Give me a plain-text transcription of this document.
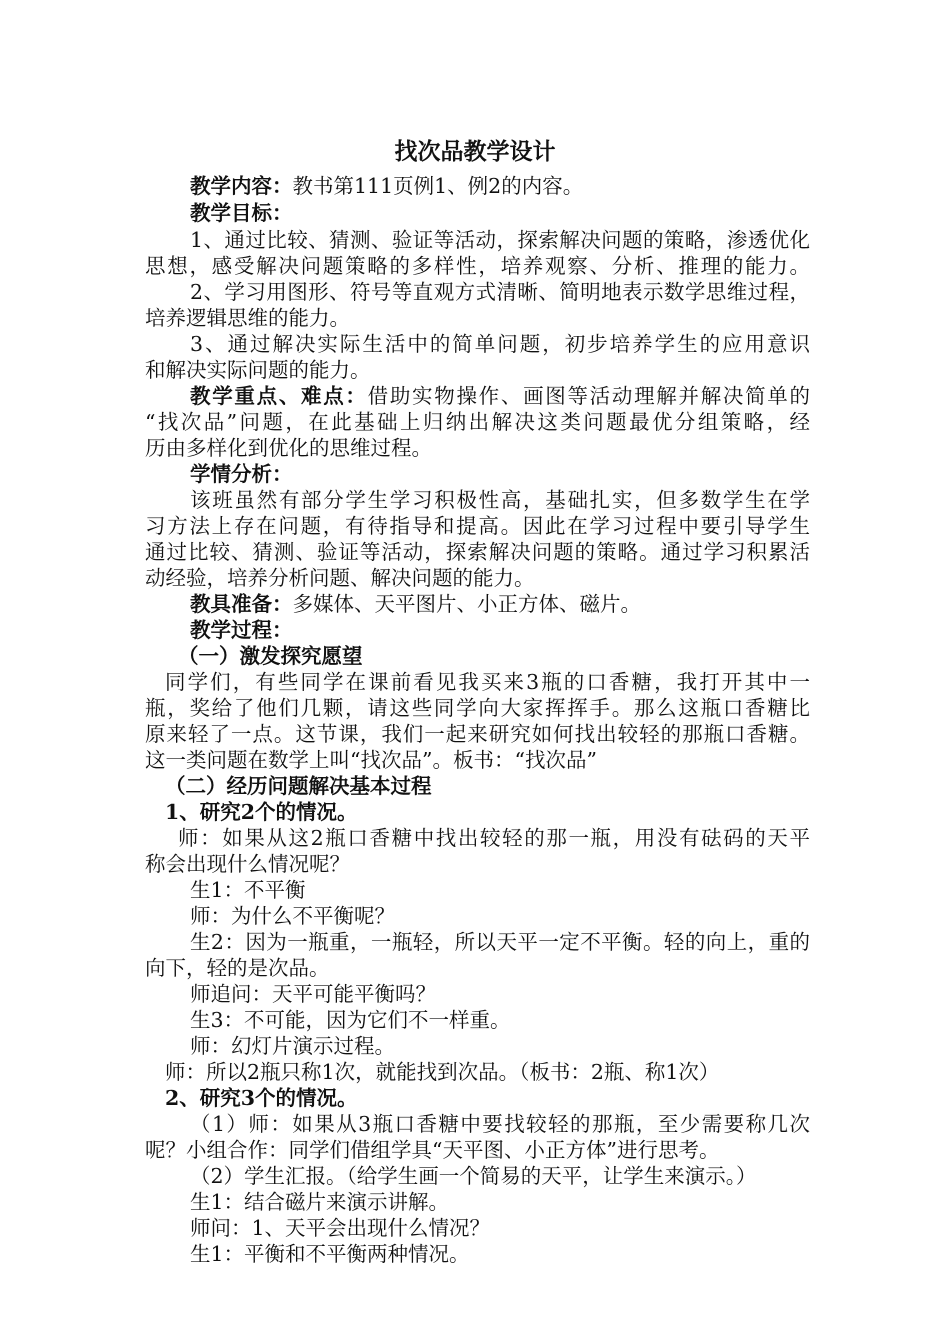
找次品教学设计
教学内容：教书第111页例1、例2的内容。
教学目标：
1、通过比较、猜测、验证等活动，探索解决问题的策略，渗透优化
思想，感受解决问题策略的多样性，培养观察、分析、推理的能力。
2、学习用图形、符号等直观方式清晰、简明地表示数学思维过程，
培养逻辑思维的能力。
3、通过解决实际生活中的简单问题，初步培养学生的应用意识
和解决实际问题的能力。
教学重点、难点：借助实物操作、画图等活动理解并解决简单的
“找次品”问题，在此基础上归纳出解决这类问题最优分组策略，经
历由多样化到优化的思维过程。
学情分析：
该班虽然有部分学生学习积极性高，基础扎实，但多数学生在学
习方法上存在问题，有待指导和提高。因此在学习过程中要引导学生
通过比较、猜测、验证等活动，探索解决问题的策略。通过学习积累活
动经验，培养分析问题、解决问题的能力。
教具准备：多媒体、天平图片、小正方体、磁片。
教学过程：
（一）激发探究愿望
同学们，有些同学在课前看见我买来3瓶的口香糖，我打开其中一
瓶，奖给了他们几颗，请这些同学向大家挥挥手。那么这瓶口香糖比
原来轻了一点。这节课，我们一起来研究如何找出较轻的那瓶口香糖。
这一类问题在数学上叫“找次品”。板书：“找次品”
（二）经历问题解决基本过程
1、研究2个的情况。
师：如果从这2瓶口香糖中找出较轻的那一瓶，用没有砝码的天平
称会出现什么情况呢？
生1：不平衡
师：为什么不平衡呢？
生2：因为一瓶重，一瓶轻，所以天平一定不平衡。轻的向上，重的
向下，轻的是次品。
师追问：天平可能平衡吗？
生3：不可能，因为它们不一样重。
师：幻灯片演示过程。
师：所以2瓶只称1次，就能找到次品。（板书：2瓶、称1次）
2、研究3个的情况。
（1）师：如果从3瓶口香糖中要找较轻的那瓶，至少需要称几次
呢？小组合作：同学们借组学具“天平图、小正方体”进行思考。
（2）学生汇报。（给学生画一个简易的天平，让学生来演示。）
生1：结合磁片来演示讲解。
师问：1、天平会出现什么情况？
生1：平衡和不平衡两种情况。
